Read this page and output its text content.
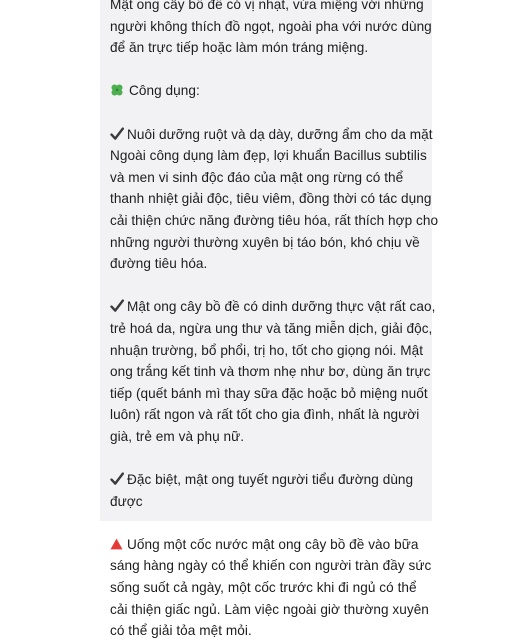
Mật ong cây bồ đề có vị nhạt, vừa miệng với những
người không thích đồ ngọt, ngoài pha với nước dùng
để ăn trực tiếp hoặc làm món tráng miệng.
Công dụng:
Nuôi dưỡng ruột và dạ dày, dưỡng ẩm cho da mặt
Ngoài công dụng làm đẹp, lợi khuẩn Bacillus subtilis
và men vi sinh độc đáo của mật ong rừng có thể
thanh nhiệt giải độc, tiêu viêm, đồng thời có tác dụng
cải thiện chức năng đường tiêu hóa, rất thích hợp cho
những người thường xuyên bị táo bón, khó chịu về
đường tiêu hóa.
Mật ong cây bồ đề có dinh dưỡng thực vật rất cao,
trẻ hoá da, ngừa ung thư và tăng miễn dịch, giải độc,
nhuận trường, bổ phổi, trị ho, tốt cho giọng nói. Mật
ong trắng kết tinh và thơm nhẹ như bơ, dùng ăn trực
tiếp (quết bánh mì thay sữa đặc hoặc bỏ miệng nuốt
luôn) rất ngon và rất tốt cho gia đình, nhất là người
già, trẻ em và phụ nữ.
Đặc biệt, mật ong tuyết người tiểu đường dùng
được
Uống một cốc nước mật ong cây bồ đề vào bữa
sáng hàng ngày có thể khiến con người tràn đầy sức
sống suốt cả ngày, một cốc trước khi đi ngủ có thể
cải thiện giấc ngủ. Làm việc ngoài giờ thường xuyên
có thể giải tỏa mệt mỏi.
